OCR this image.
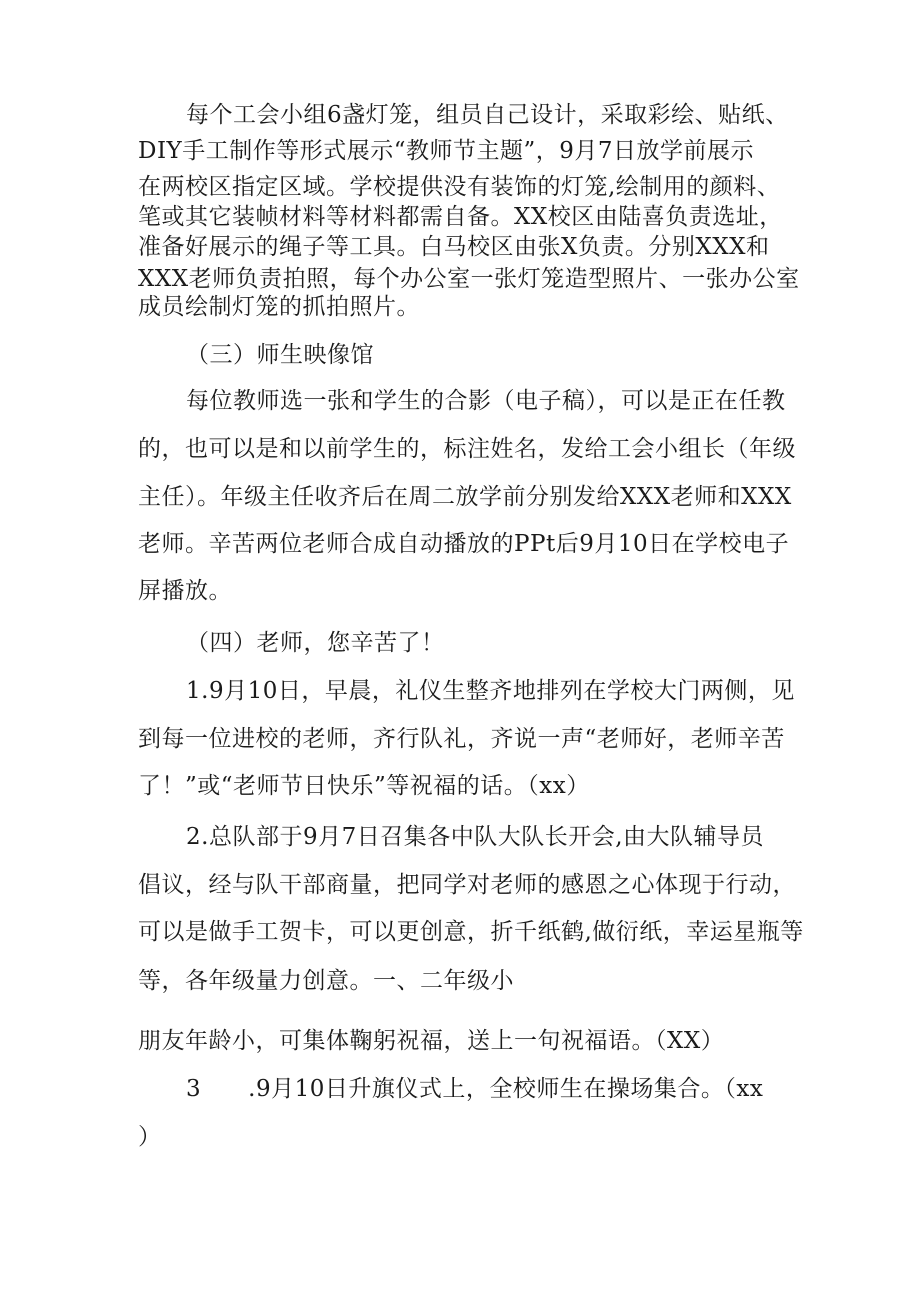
每个工会小组6盏灯笼，组员自己设计，采取彩绘、贴纸、
DIY手工制作等形式展示“教师节主题”，9月7日放学前展示
在两校区指定区域。学校提供没有装饰的灯笼,绘制用的颜料、
笔或其它装帧材料等材料都需自备。XX校区由陆喜负责选址，
准备好展示的绳子等工具。白马校区由张X负责。分别XXX和
XXX老师负责拍照，每个办公室一张灯笼造型照片、一张办公室
成员绘制灯笼的抓拍照片。
（三）师生映像馆
每位教师选一张和学生的合影（电子稿），可以是正在任教
的，也可以是和以前学生的，标注姓名，发给工会小组长（年级
主任）。年级主任收齐后在周二放学前分别发给XXX老师和XXX
老师。辛苦两位老师合成自动播放的PPt后9月10日在学校电子
屏播放。
（四）老师，您辛苦了！
1.9月10日，早晨，礼仪生整齐地排列在学校大门两侧，见
到每一位进校的老师，齐行队礼，齐说一声“老师好，老师辛苦
了！”或“老师节日快乐”等祝福的话。（xx）
2.总队部于9月7日召集各中队大队长开会,由大队辅导员
倡议，经与队干部商量，把同学对老师的感恩之心体现于行动，
可以是做手工贺卡，可以更创意，折千纸鹤,做衍纸，幸运星瓶等
等，各年级量力创意。一、二年级小
朋友年龄小，可集体鞠躬祝福，送上一句祝福语。（XX）
3　　.9月10日升旗仪式上，全校师生在操场集合。（xx
）
